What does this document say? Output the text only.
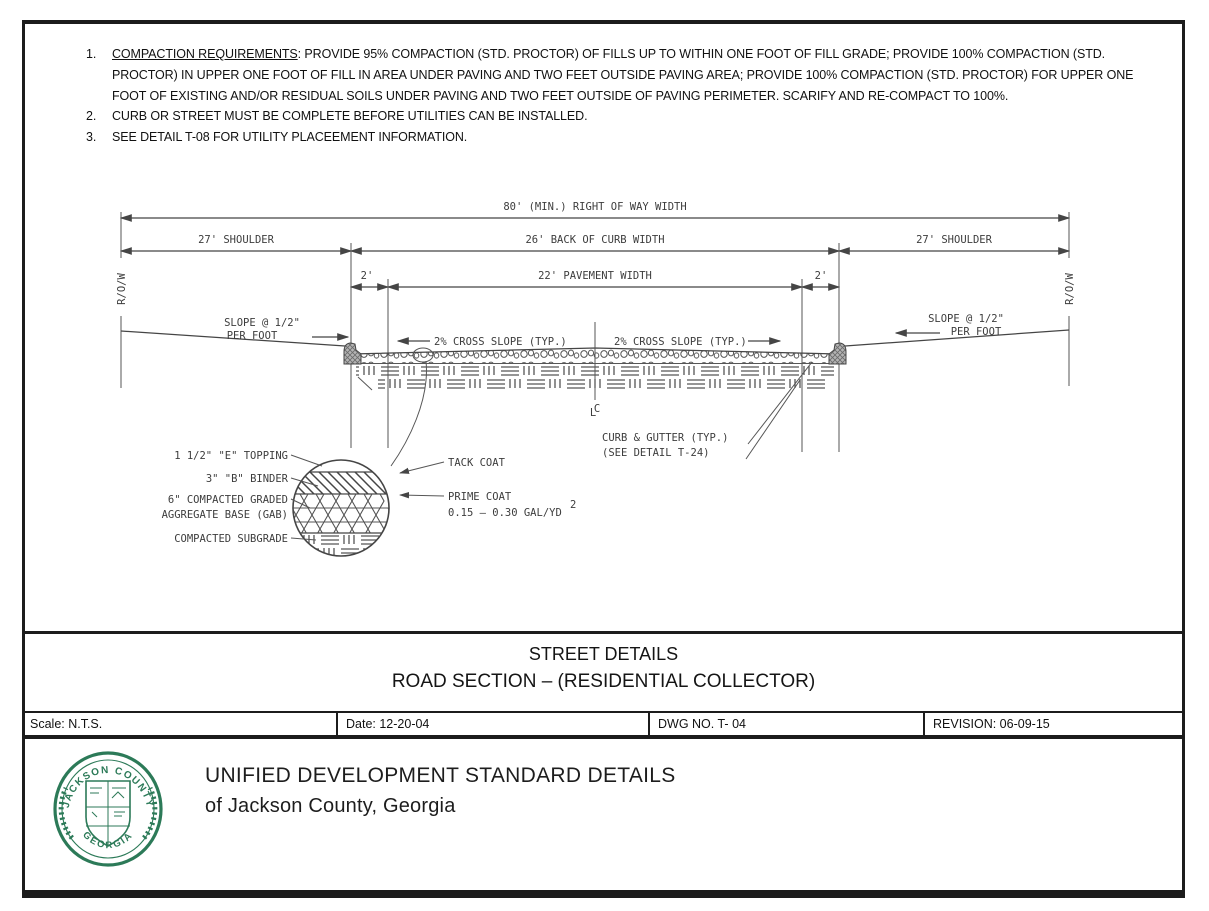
1.	COMPACTION REQUIREMENTS: PROVIDE 95% COMPACTION (STD. PROCTOR) OF FILLS UP TO WITHIN ONE FOOT OF FILL GRADE; PROVIDE 100% COMPACTION (STD. PROCTOR) IN UPPER ONE FOOT OF FILL IN AREA UNDER PAVING AND TWO FEET OUTSIDE PAVING AREA; PROVIDE 100% COMPACTION (STD. PROCTOR) FOR UPPER ONE FOOT OF EXISTING AND/OR RESIDUAL SOILS UNDER PAVING AND TWO FEET OUTSIDE OF PAVING PERIMETER. SCARIFY AND RE-COMPACT TO 100%.
2.	CURB OR STREET MUST BE COMPLETE BEFORE UTILITIES CAN BE INSTALLED.
3.	SEE DETAIL T-08 FOR UTILITY PLACEEMENT INFORMATION.
80' (MIN.) RIGHT OF WAY WIDTH
27' SHOULDER	26' BACK OF CURB WIDTH	27' SHOULDER
2'	22' PAVEMENT WIDTH	2'
R/O/W	R/O/W
SLOPE @ 1/2"
PER FOOT
SLOPE @ 1/2"
PER FOOT
2% CROSS SLOPE (TYP.)	2% CROSS SLOPE (TYP.)
C
L
CURB & GUTTER (TYP.)
(SEE DETAIL T-24)
1 1/2" "E" TOPPING
3" "B" BINDER
6" COMPACTED GRADED
AGGREGATE BASE (GAB)
COMPACTED SUBGRADE
TACK COAT
PRIME COAT
0.15 – 0.30 GAL/YD
2
STREET DETAILS
ROAD SECTION – (RESIDENTIAL COLLECTOR)
Scale: N.T.S.	Date: 12-20-04	DWG NO. T- 04	REVISION: 06-09-15
JACKSON COUNTY
GEORGIA
UNIFIED DEVELOPMENT STANDARD DETAILS
of Jackson County, Georgia
